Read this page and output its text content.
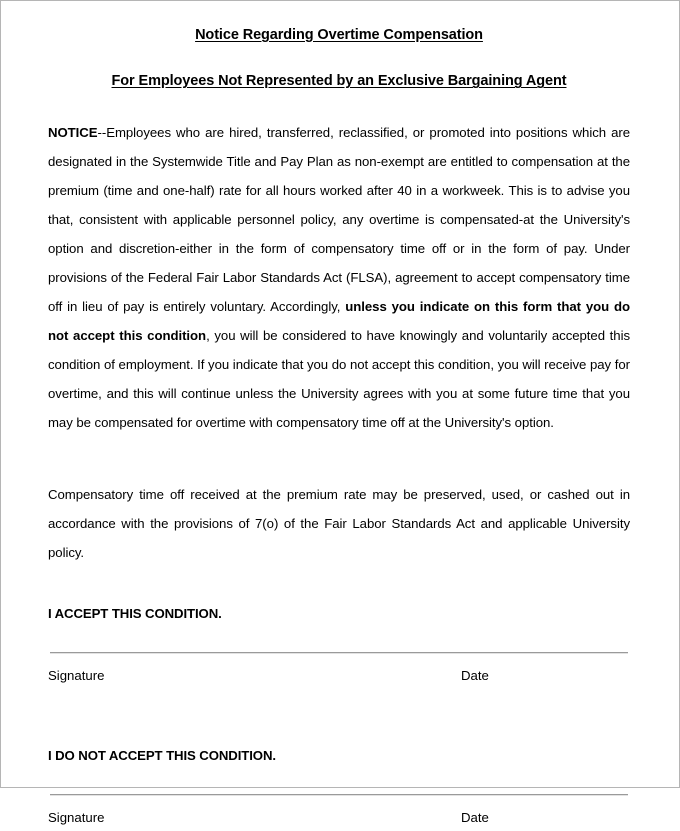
Notice Regarding Overtime Compensation
For Employees Not Represented by an Exclusive Bargaining Agent

NOTICE--Employees who are hired, transferred, reclassified, or promoted into positions which are designated in the Systemwide Title and Pay Plan as non-exempt are entitled to compensation at the premium (time and one-half) rate for all hours worked after 40 in a workweek. This is to advise you that, consistent with applicable personnel policy, any overtime is compensated-at the University's option and discretion-either in the form of compensatory time off or in the form of pay. Under provisions of the Federal Fair Labor Standards Act (FLSA), agreement to accept compensatory time off in lieu of pay is entirely voluntary. Accordingly, unless you indicate on this form that you do not accept this condition, you will be considered to have knowingly and voluntarily accepted this condition of employment. If you indicate that you do not accept this condition, you will receive pay for overtime, and this will continue unless the University agrees with you at some future time that you may be compensated for overtime with compensatory time off at the University's option.

Compensatory time off received at the premium rate may be preserved, used, or cashed out in accordance with the provisions of 7(o) of the Fair Labor Standards Act and applicable University policy.

I ACCEPT THIS CONDITION.
Signature	Date
I DO NOT ACCEPT THIS CONDITION.
Signature	Date
